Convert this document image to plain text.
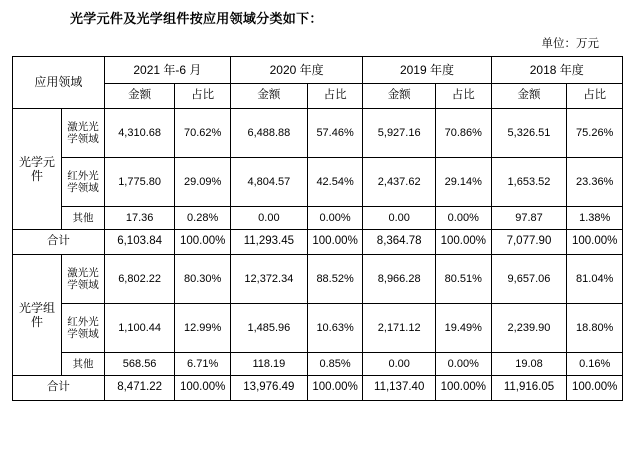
光学元件及光学组件按应用领域分类如下：
单位：万元
应用领域		2021 年-6 月		2020 年度		2019 年度		2018 年度	
		金额	占比	金额	占比	金额	占比	金额	占比
光学元件	激光光学领域	4,310.68	70.62%	6,488.88	57.46%	5,927.16	70.86%	5,326.51	75.26%
	红外光学领域	1,775.80	29.09%	4,804.57	42.54%	2,437.62	29.14%	1,653.52	23.36%
	其他	17.36	0.28%	0.00	0.00%	0.00	0.00%	97.87	1.38%
合计		6,103.84	100.00%	11,293.45	100.00%	8,364.78	100.00%	7,077.90	100.00%
光学组件	激光光学领域	6,802.22	80.30%	12,372.34	88.52%	8,966.28	80.51%	9,657.06	81.04%
	红外光学领域	1,100.44	12.99%	1,485.96	10.63%	2,171.12	19.49%	2,239.90	18.80%
	其他	568.56	6.71%	118.19	0.85%	0.00	0.00%	19.08	0.16%
合计		8,471.22	100.00%	13,976.49	100.00%	11,137.40	100.00%	11,916.05	100.00%
